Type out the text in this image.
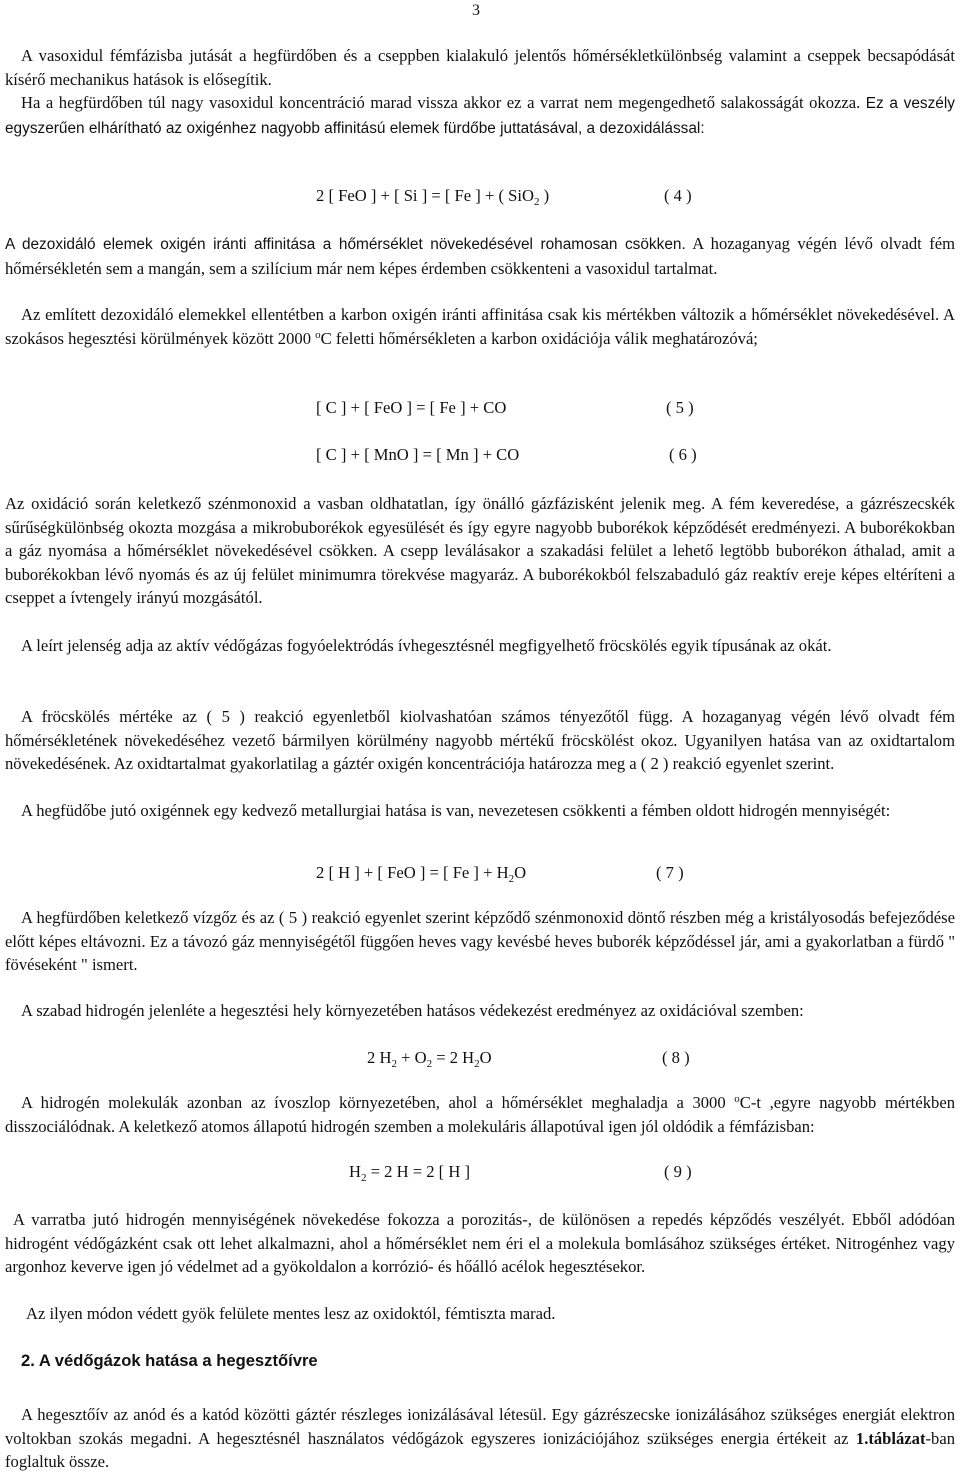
3

A vasoxidul fémfázisba jutását a hegfürdőben és a cseppben kialakuló jelentős hőmérsékletkülönbség valamint a cseppek becsapódását kísérő mechanikus hatások is elősegítik.

Ha a hegfürdőben túl nagy vasoxidul koncentráció marad vissza akkor ez a varrat nem megengedhető salakosságát okozza. Ez a veszély egyszerűen elhárítható az oxigénhez nagyobb affinitású elemek fürdőbe juttatásával, a dezoxidálással:

2 [ FeO ] + [ Si ] = [ Fe ] + ( SiO$_2$ )	( 4 )

A dezoxidáló elemek oxigén iránti affinitása a hőmérséklet növekedésével rohamosan csökken. A hozaganyag végén lévő olvadt fém hőmérsékletén sem a mangán, sem a szilícium már nem képes érdemben csökkenteni a vasoxidul tartalmat.

Az említett dezoxidáló elemekkel ellentétben a karbon oxigén iránti affinitása csak kis mértékben változik a hőmérséklet növekedésével. A szokásos hegesztési körülmények között 2000 $^o$C feletti hőmérsékleten a karbon oxidációja válik meghatározóvá;

[ C ] + [ FeO ] = [ Fe ] + CO	( 5 )
[ C ] + [ MnO ] = [ Mn ] + CO	( 6 )

Az oxidáció során keletkező szénmonoxid a vasban oldhatatlan, így önálló gázfázisként jelenik meg. A fém keveredése, a gázrészecskék sűrűségkülönbség okozta mozgása a mikrobuborékok egyesülését és így egyre nagyobb buborékok képződését eredményezi. A buborékokban a gáz nyomása a hőmérséklet növekedésével csökken. A csepp leválásakor a szakadási felület a lehető legtöbb buborékon áthalad, amit a buborékokban lévő nyomás és az új felület minimumra törekvése magyaráz. A buborékokból felszabaduló gáz reaktív ereje képes eltéríteni a cseppet a ívtengely irányú mozgásától.

A leírt jelenség adja az aktív védőgázas fogyóelektródás ívhegesztésnél megfigyelhető fröcskölés egyik típusának az okát.

A fröcskölés mértéke az ( 5 ) reakció egyenletből kiolvashatóan számos tényezőtől függ. A hozaganyag végén lévő olvadt fém hőmérsékletének növekedéséhez vezető bármilyen körülmény nagyobb mértékű fröcskölést okoz. Ugyanilyen hatása van az oxidtartalom növekedésének. Az oxidtartalmat gyakorlatilag a gáztér oxigén koncentrációja határozza meg a ( 2 ) reakció egyenlet szerint.

A hegfüdőbe jutó oxigénnek egy kedvező metallurgiai hatása is van, nevezetesen csökkenti a fémben oldott hidrogén mennyiségét:

2 [ H ] + [ FeO ] = [ Fe ] + $H_2O$	( 7 )

A hegfürdőben keletkező vízgőz és az ( 5 ) reakció egyenlet szerint képződő szénmonoxid döntő részben még a kristályosodás befejeződése előtt képes eltávozni. Ez a távozó gáz mennyiségétől függően heves vagy kevésbé heves buborék képződéssel jár, ami a gyakorlatban a fürdő " fövéseként " ismert.

A szabad hidrogén jelenléte a hegesztési hely környezetében hatásos védekezést eredményez az oxidációval szemben:

2 $H_2 + O_2 = 2$ $H_2O$	( 8 )

A hidrogén molekulák azonban az ívoszlop környezetében, ahol a hőmérséklet meghaladja a 3000 $^o$C-t ,egyre nagyobb mértékben disszociálódnak. A keletkező atomos állapotú hidrogén szemben a molekuláris állapotúval igen jól oldódik a fémfázisban:

$H_2 = 2$ H = 2 [ H ]	( 9 )

A varratba jutó hidrogén mennyiségének növekedése fokozza a porozitás-, de különösen a repedés képződés veszélyét. Ebből adódóan hidrogént védőgázként csak ott lehet alkalmazni, ahol a hőmérséklet nem éri el a molekula bomlásához szükséges értéket. Nitrogénhez vagy argonhoz keverve igen jó védelmet ad a gyökoldalon a korrózió- és hőálló acélok hegesztésekor.

Az ilyen módon védett gyök felülete mentes lesz az oxidoktól, fémtiszta marad.

2. A védőgázok hatása a hegesztőívre

A hegesztőív az anód és a katód közötti gáztér részleges ionizálásával létesül. Egy gázrészecske ionizálásához szükséges energiát elektron voltokban szokás megadni. A hegesztésnél használatos védőgázok egyszeres ionizációjához szükséges energia értékeit az 1.táblázat-ban foglaltuk össze.
